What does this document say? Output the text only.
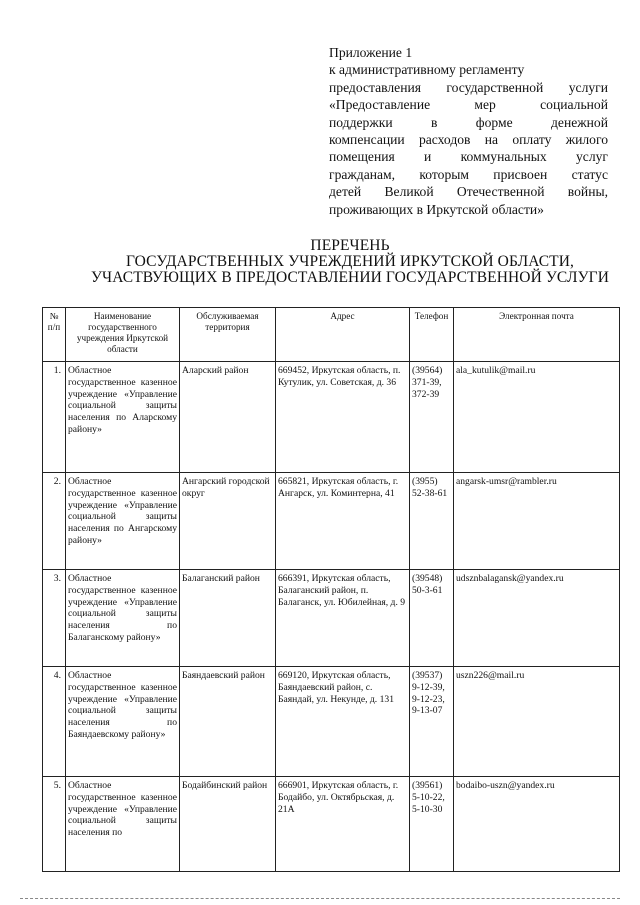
Приложение 1
к административному регламенту
предоставления государственной услуги
«Предоставление мер социальной
поддержки в форме денежной
компенсации расходов на оплату жилого
помещения и коммунальных услуг
гражданам, которым присвоен статус
детей Великой Отечественной войны,
проживающих в Иркутской области»
ПЕРЕЧЕНЬ
ГОСУДАРСТВЕННЫХ УЧРЕЖДЕНИЙ ИРКУТСКОЙ ОБЛАСТИ,
УЧАСТВУЮЩИХ В ПРЕДОСТАВЛЕНИИ ГОСУДАРСТВЕННОЙ УСЛУГИ
№ п/п	Наименование государственного учреждения Иркутской области	Обслуживаемая территория	Адрес	Телефон	Электронная почта
1.	Областное государственное казенное учреждение «Управление социальной защиты населения по Аларскому району»	Аларский район	669452, Иркутская область, п. Кутулик, ул. Советская, д. 36	(39564) 371-39, 372-39	ala_kutulik@mail.ru
2.	Областное государственное казенное учреждение «Управление социальной защиты населения по Ангарскому району»	Ангарский городской округ	665821, Иркутская область, г. Ангарск, ул. Коминтерна, 41	(3955) 52-38-61	angarsk-umsr@rambler.ru
3.	Областное государственное казенное учреждение «Управление социальной защиты населения по Балаганскому району»	Балаганский район	666391, Иркутская область, Балаганский район, п. Балаганск, ул. Юбилейная, д. 9	(39548) 50-3-61	udsznbalagansk@yandex.ru
4.	Областное государственное казенное учреждение «Управление социальной защиты населения по Баяндаевскому району»	Баяндаевский район	669120, Иркутская область, Баяндаевский район, с. Баяндай, ул. Некунде, д. 131	(39537) 9-12-39, 9-12-23, 9-13-07	uszn226@mail.ru
5.	Областное государственное казенное учреждение «Управление социальной защиты населения по	Бодайбинский район	666901, Иркутская область, г. Бодайбо, ул. Октябрьская, д. 21А	(39561) 5-10-22, 5-10-30	bodaibo-uszn@yandex.ru
